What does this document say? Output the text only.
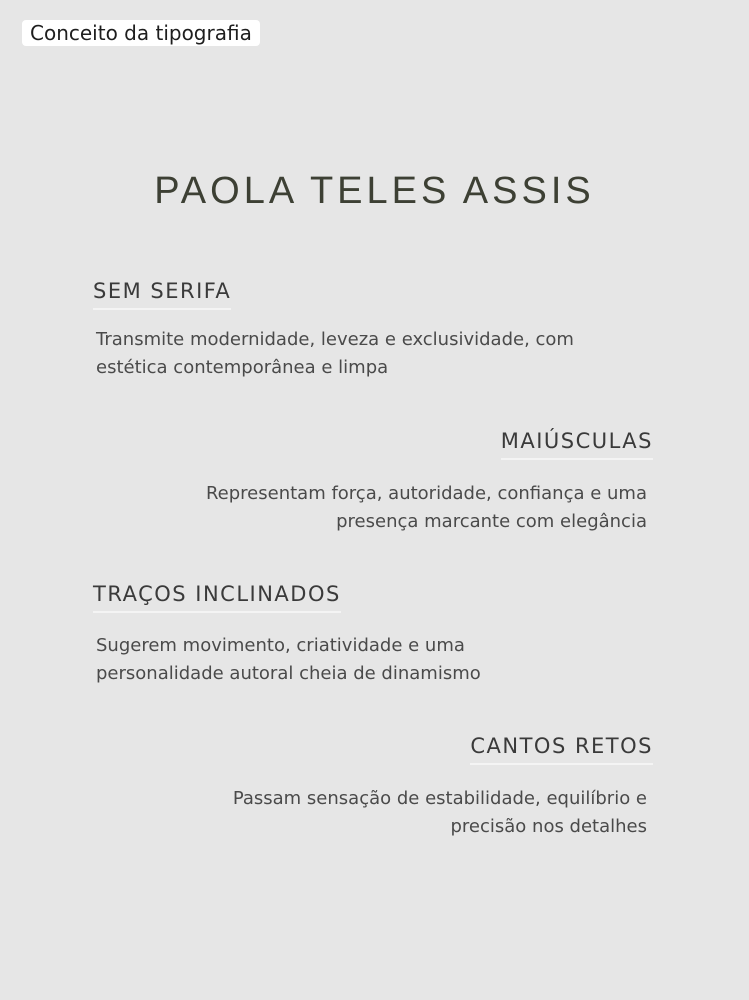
Conceito da tipografia
PAOLA TELES ASSIS
SEM SERIFA
Transmite modernidade, leveza e exclusividade, com
estética contemporânea e limpa
MAIÚSCULAS
Representam força, autoridade, confiança e uma
presença marcante com elegância
TRAÇOS INCLINADOS
Sugerem movimento, criatividade e uma
personalidade autoral cheia de dinamismo
CANTOS RETOS
Passam sensação de estabilidade, equilíbrio e
precisão nos detalhes
